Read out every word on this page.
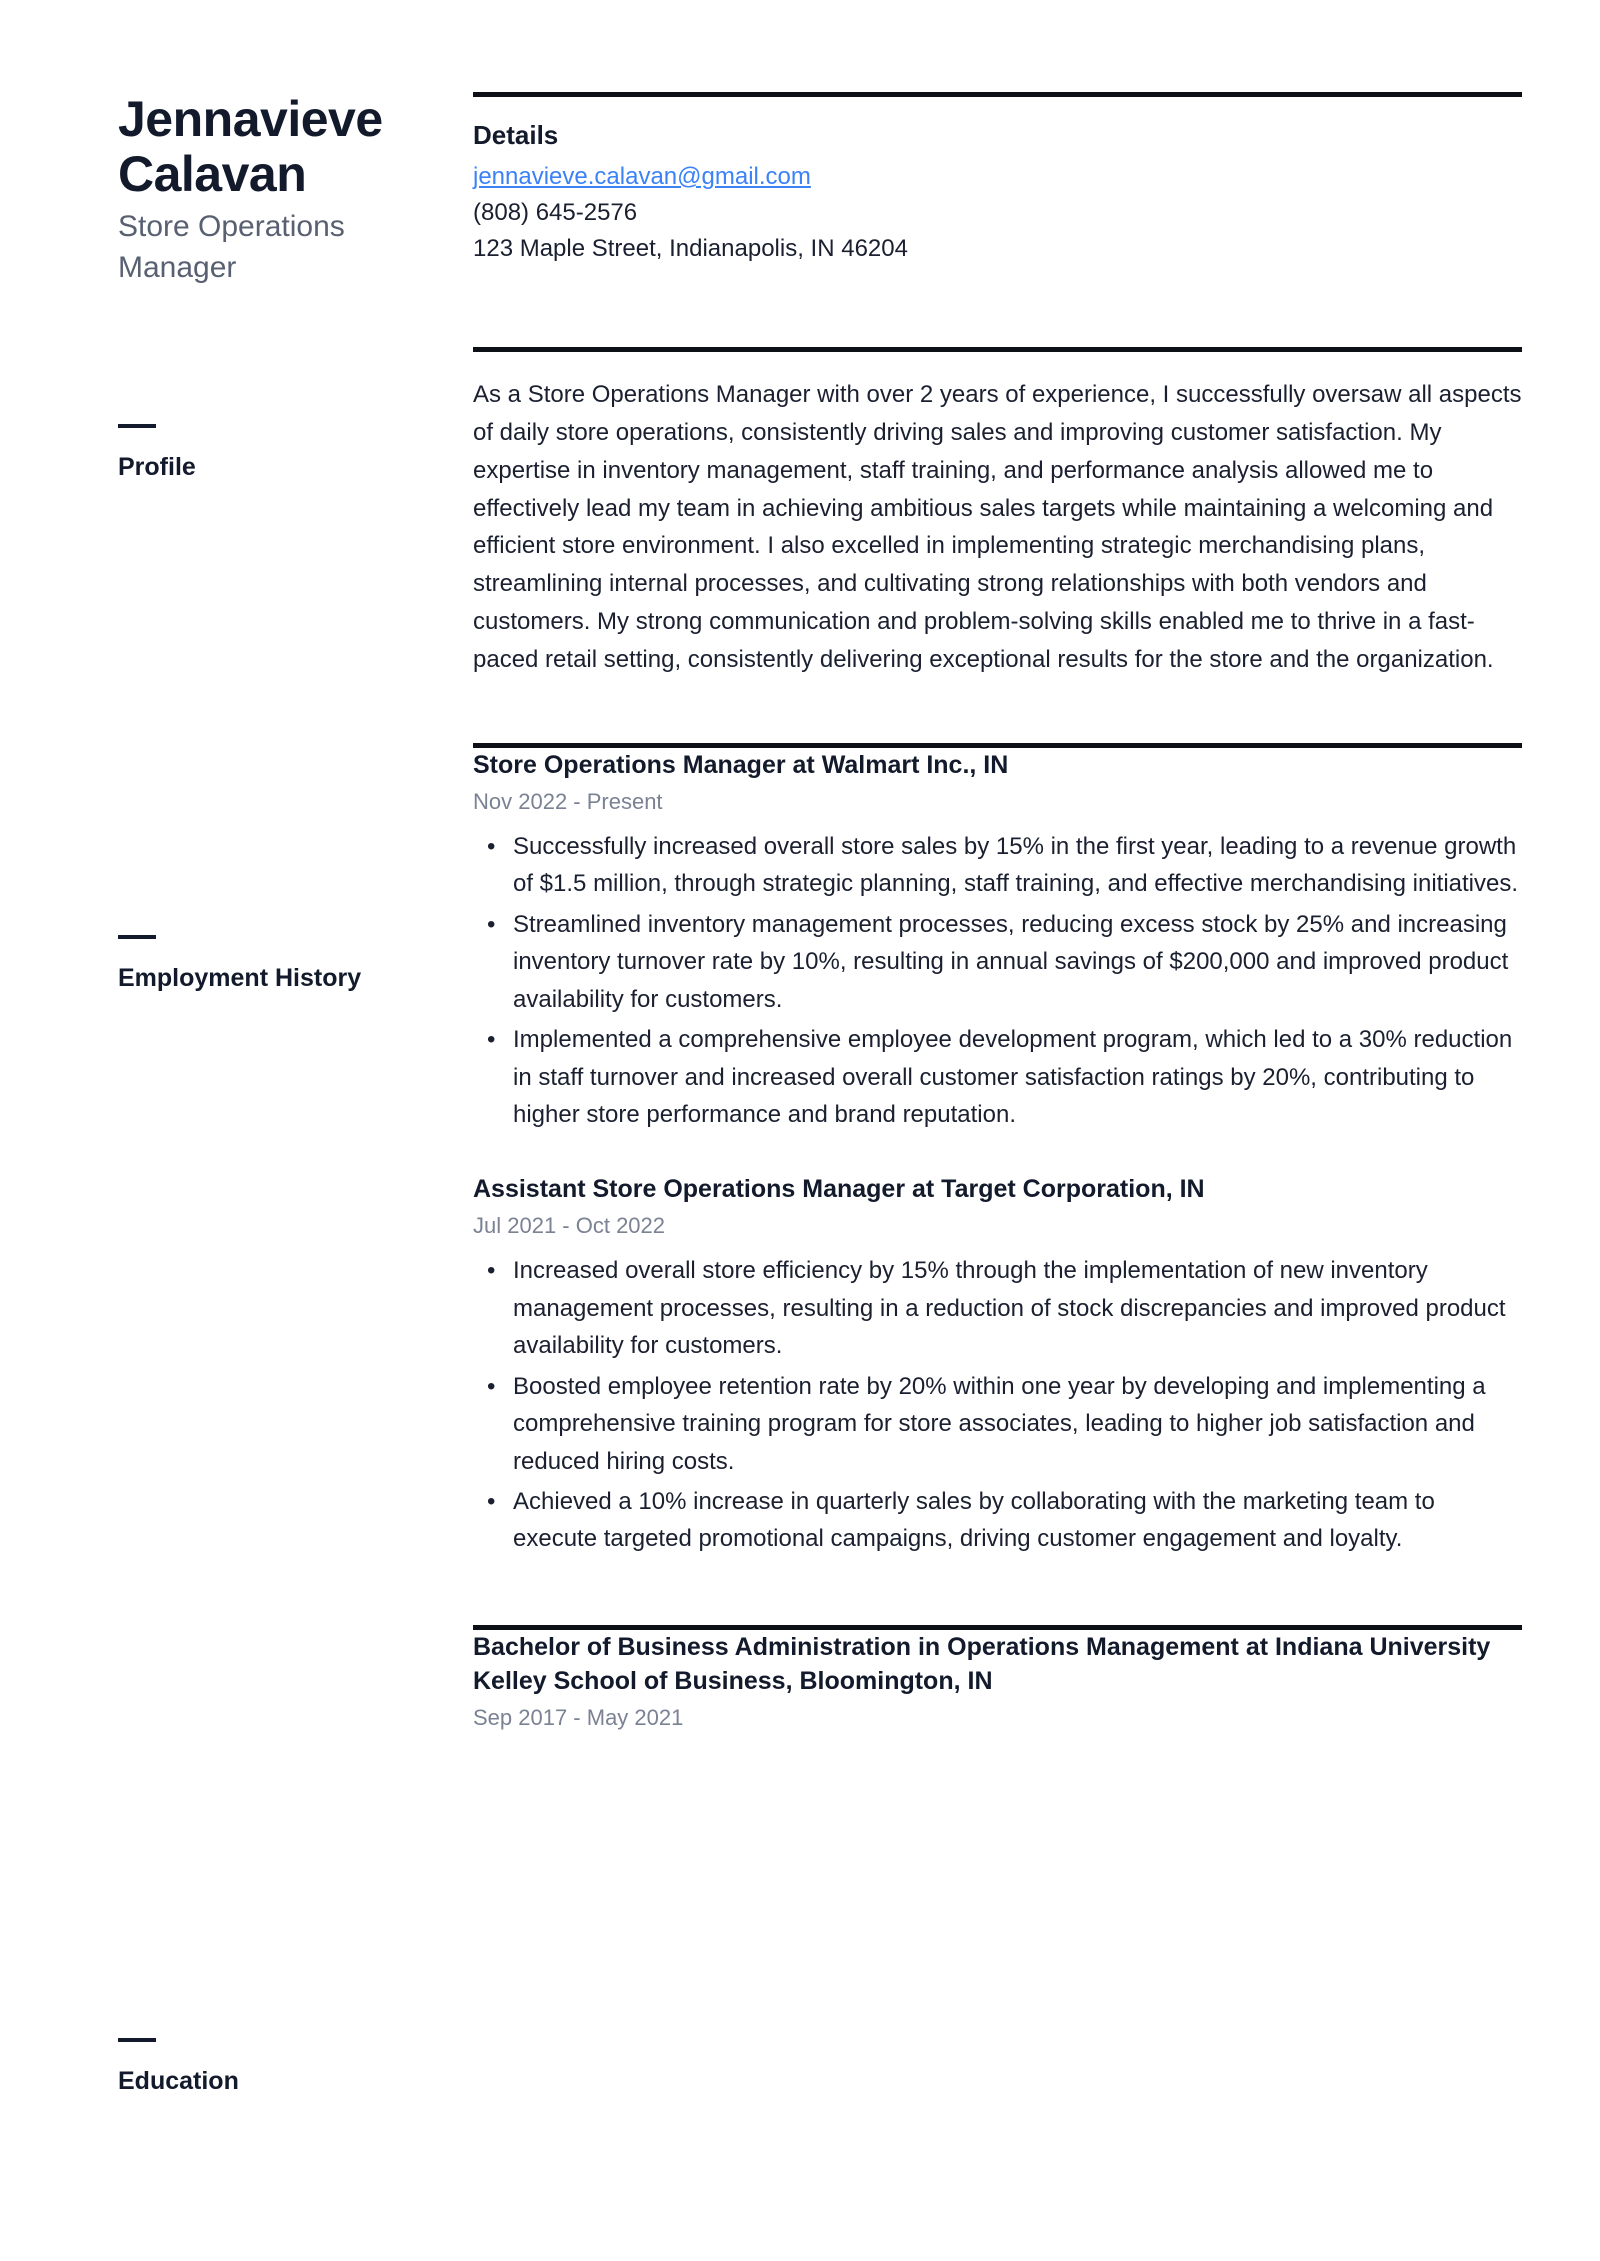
Jennavieve Calavan

Store Operations Manager

Details

jennavieve.calavan@gmail.com

(808) 645-2576

123 Maple Street, Indianapolis, IN 46204

As a Store Operations Manager with over 2 years of experience, I successfully oversaw all aspects of daily store operations, consistently driving sales and improving customer satisfaction. My expertise in inventory management, staff training, and performance analysis allowed me to effectively lead my team in achieving ambitious sales targets while maintaining a welcoming and efficient store environment. I also excelled in implementing strategic merchandising plans, streamlining internal processes, and cultivating strong relationships with both vendors and customers. My strong communication and problem-solving skills enabled me to thrive in a fast-paced retail setting, consistently delivering exceptional results for the store and the organization.

Store Operations Manager at Walmart Inc., IN

Nov 2022 - Present

• Successfully increased overall store sales by 15% in the first year, leading to a revenue growth of $1.5 million, through strategic planning, staff training, and effective merchandising initiatives.
• Streamlined inventory management processes, reducing excess stock by 25% and increasing inventory turnover rate by 10%, resulting in annual savings of $200,000 and improved product availability for customers.
• Implemented a comprehensive employee development program, which led to a 30% reduction in staff turnover and increased overall customer satisfaction ratings by 20%, contributing to higher store performance and brand reputation.
Assistant Store Operations Manager at Target Corporation, IN

Jul 2021 - Oct 2022

• Increased overall store efficiency by 15% through the implementation of new inventory management processes, resulting in a reduction of stock discrepancies and improved product availability for customers.
• Boosted employee retention rate by 20% within one year by developing and implementing a comprehensive training program for store associates, leading to higher job satisfaction and reduced hiring costs.
• Achieved a 10% increase in quarterly sales by collaborating with the marketing team to execute targeted promotional campaigns, driving customer engagement and loyalty.
Bachelor of Business Administration in Operations Management at Indiana University Kelley School of Business, Bloomington, IN

Sep 2017 - May 2021

Profile

Employment History

Education
